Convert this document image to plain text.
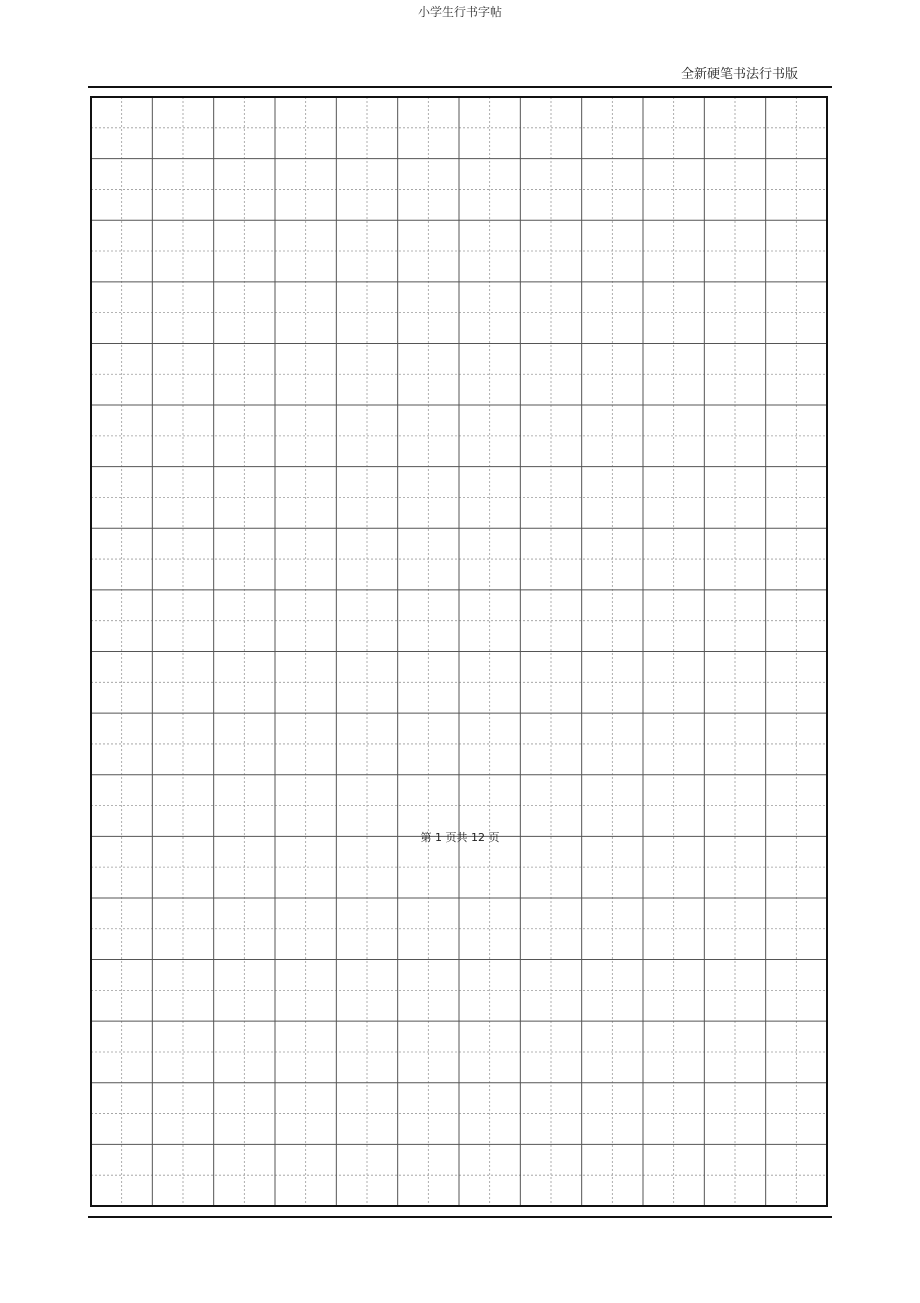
小学生行书字帖
全新硬笔书法行书版
第 1 页共 12 页
